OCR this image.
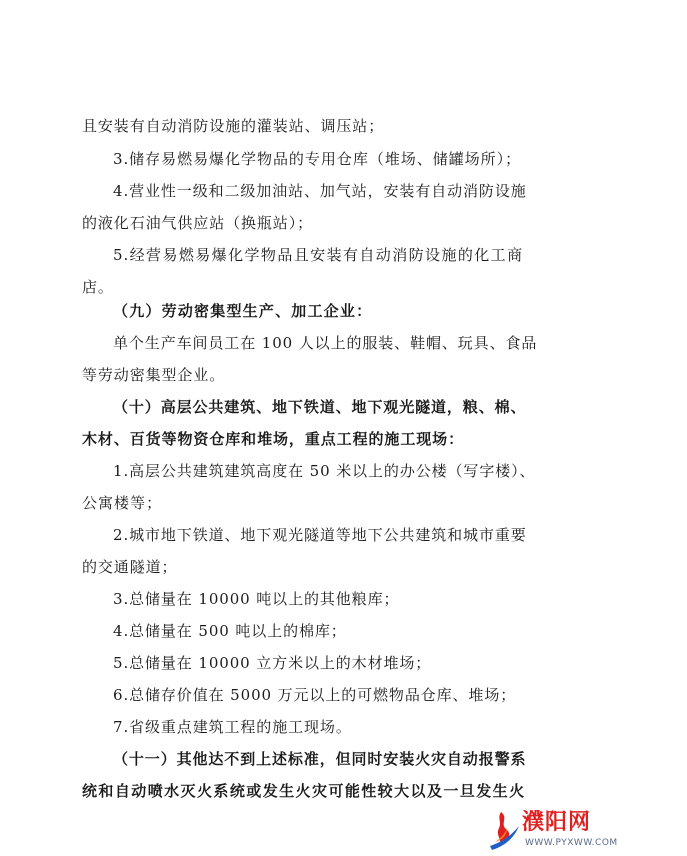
且安装有自动消防设施的灌装站、调压站；
3.储存易燃易爆化学物品的专用仓库（堆场、储罐场所）；
4.营业性一级和二级加油站、加气站，安装有自动消防设施
的液化石油气供应站（换瓶站）；
5.经营易燃易爆化学物品且安装有自动消防设施的化工商
店。
（九）劳动密集型生产、加工企业：
单个生产车间员工在 100 人以上的服装、鞋帽、玩具、食品
等劳动密集型企业。
（十）高层公共建筑、地下铁道、地下观光隧道，粮、棉、
木材、百货等物资仓库和堆场，重点工程的施工现场：
1.高层公共建筑建筑高度在 50 米以上的办公楼（写字楼）、
公寓楼等；
2.城市地下铁道、地下观光隧道等地下公共建筑和城市重要
的交通隧道；
3.总储量在 10000 吨以上的其他粮库；
4.总储量在 500 吨以上的棉库；
5.总储量在 10000 立方米以上的木材堆场；
6.总储存价值在 5000 万元以上的可燃物品仓库、堆场；
7.省级重点建筑工程的施工现场。
（十一）其他达不到上述标准，但同时安装火灾自动报警系
统和自动喷水灭火系统或发生火灾可能性较大以及一旦发生火
濮阳网
WWW.PYXWW.COM
